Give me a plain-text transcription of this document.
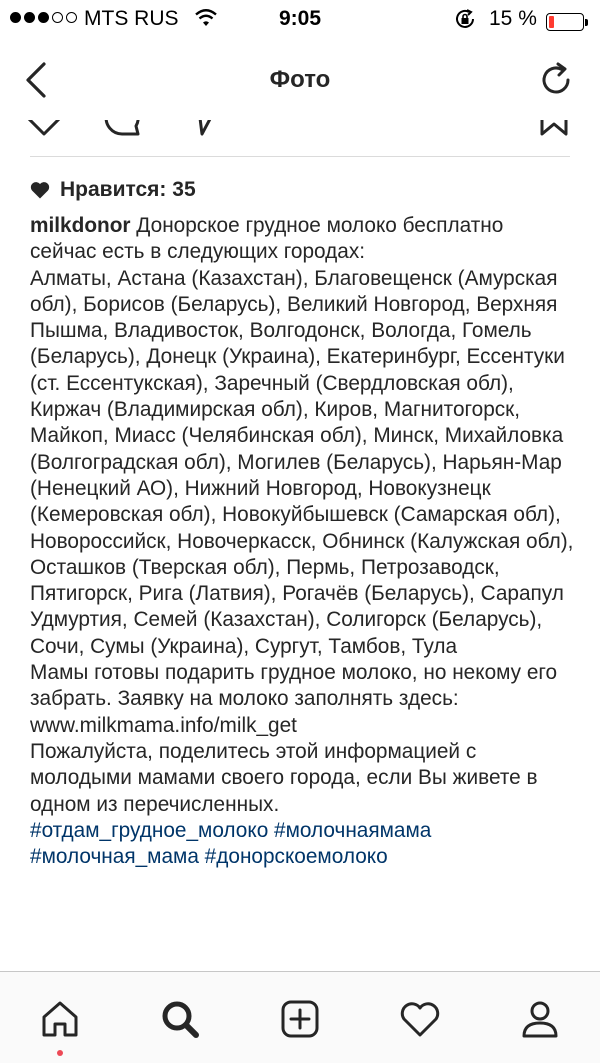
MTS RUS	9:05	15 %
Фото
Нравится: 35

milkdonor Донорское грудное молоко бесплатно сейчас есть в следующих городах:

Алматы, Астана (Казахстан), Благовещенск (Амурская обл), Борисов (Беларусь), Великий Новгород, Верхняя Пышма, Владивосток, Волгодонск, Вологда, Гомель (Беларусь), Донецк (Украина), Екатеринбург, Ессентуки (ст. Ессентукская), Заречный (Свердловская обл), Киржач (Владимирская обл), Киров, Магнитогорск, Майкоп, Миасс (Челябинская обл), Минск, Михайловка (Волгоградская обл), Могилев (Беларусь), Нарьян-Мар (Ненецкий АО), Нижний Новгород, Новокузнецк (Кемеровская обл), Новокуйбышевск (Самарская обл), Новороссийск, Новочеркасск, Обнинск (Калужская обл), Осташков (Тверская обл), Пермь, Петрозаводск, Пятигорск, Рига (Латвия), Рогачёв (Беларусь), Сарапул Удмуртия, Семей (Казахстан), Солигорск (Беларусь), Сочи, Сумы (Украина), Сургут, Тамбов, Тула

Мамы готовы подарить грудное молоко, но некому его забрать. Заявку на молоко заполнять здесь: www.milkmama.info/milk_get

Пожалуйста, поделитесь этой информацией с молодыми мамами своего города, если Вы живете в одном из перечисленных.

#отдам_грудное_молоко #молочнаямама #молочная_мама #донорскоемолоко
